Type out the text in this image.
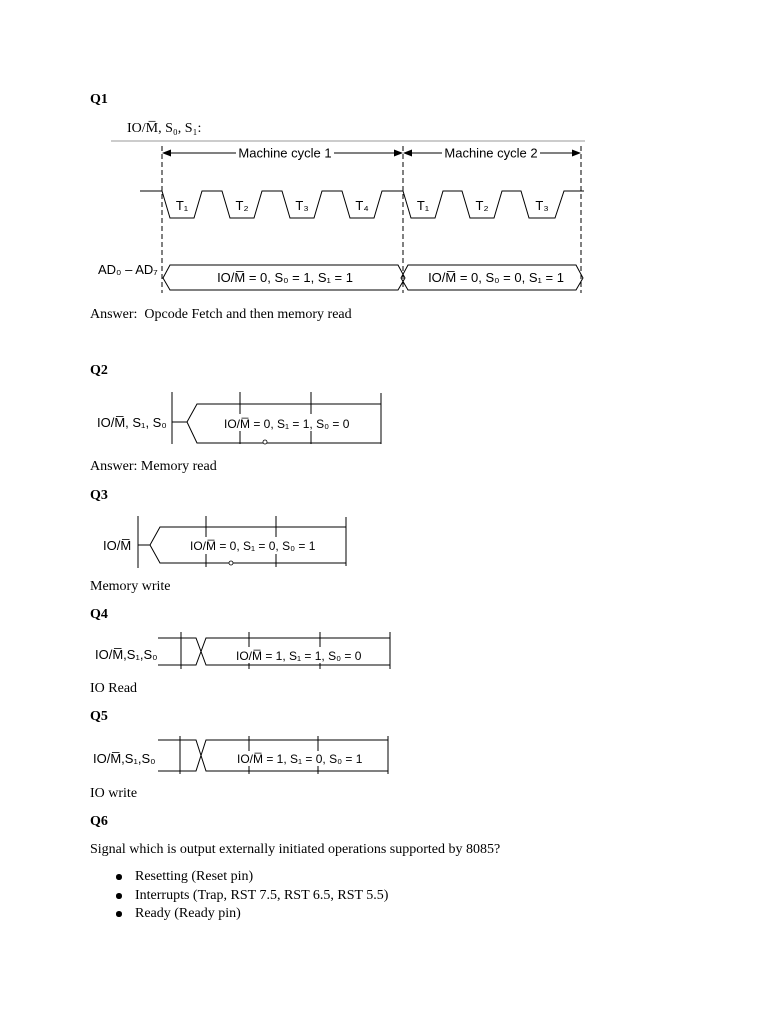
Machine cycle 1	Machine cycle 2
T₁	T₂	T₃	T₄	T₁	T₂	T₃
AD₀ – AD₇
IO/M̅ = 0, S₀ = 1, S₁ = 1	IO/M̅ = 0, S₀ = 0, S₁ = 1
IO/M̅, S₁, S₀	IO/M̅ = 0, S₁ = 1, S₀ = 0
IO/M̅	IO/M̅ = 0, S₁ = 0, S₀ = 1
IO/M̅,S₁,S₀	IO/M̅ = 1, S₁ = 1, S₀ = 0
IO/M̅,S₁,S₀	IO/M̅ = 1, S₁ = 0, S₀ = 1
Q1
IO/M̅, S₀, S₁:
Answer:  Opcode Fetch and then memory read
Q2
Answer: Memory read
Q3
Memory write
Q4
IO Read
Q5
IO write
Q6
Signal which is output externally initiated operations supported by 8085?
Resetting (Reset pin)
Interrupts (Trap, RST 7.5, RST 6.5, RST 5.5)
Ready (Ready pin)
